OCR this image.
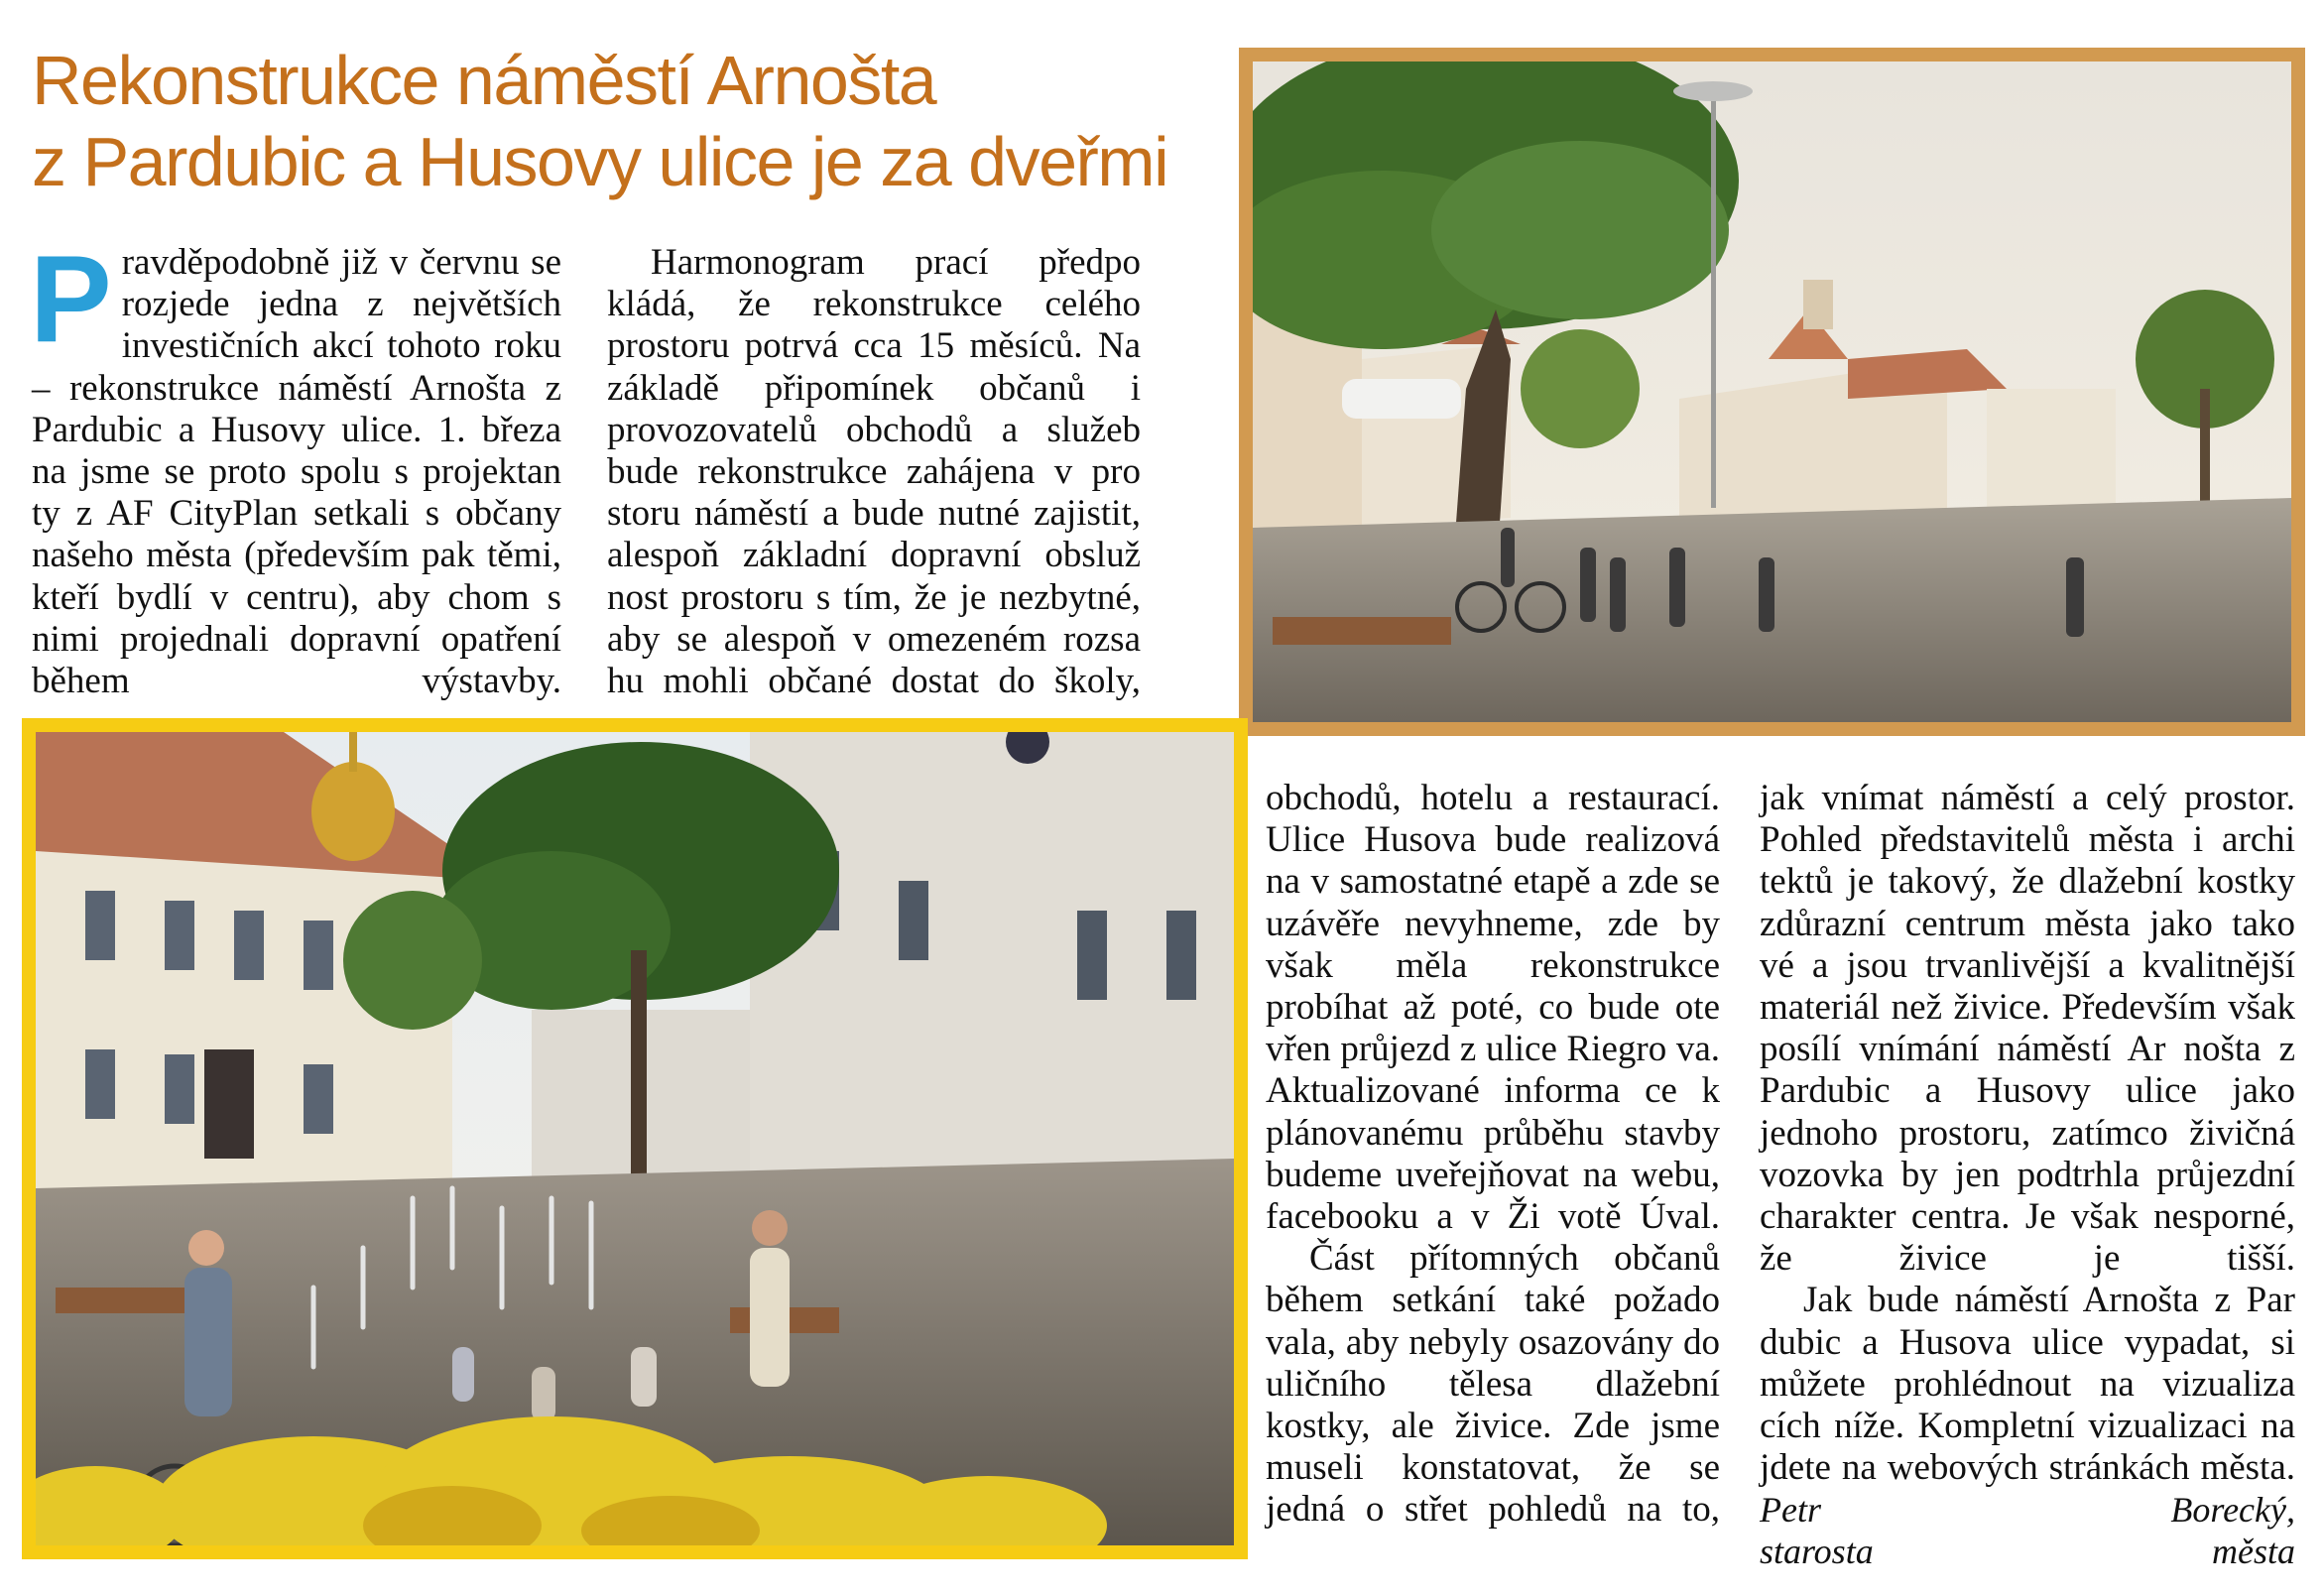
Rekonstrukce náměstí Arnošta
z Pardubic a Husovy ulice je za dveřmi
P ravděpodobně již v červnu se rozjede jedna z největších investičních akcí tohoto roku – rekonstrukce náměstí Arnošta z Pardubic a Husovy ulice. 1. březa na jsme se proto spolu s projektan ty z AF CityPlan setkali s občany našeho města (především pak těmi, kteří bydlí v centru), aby chom s nimi projednali dopravní opatření během výstavby.

Harmonogram prací předpo kládá, že rekonstrukce celého prostoru potrvá cca 15 měsíců. Na základě připomínek občanů i provozovatelů obchodů a služeb bude rekonstrukce zahájena v pro storu náměstí a bude nutné zajistit, alespoň základní dopravní obsluž nost prostoru s tím, že je nezbytné, aby se alespoň v omezeném rozsa hu mohli občané dostat do školy,

obchodů, hotelu a restaurací. Ulice Husova bude realizová na v samostatné etapě a zde se uzávěře nevyhneme, zde by však měla rekonstrukce probíhat až poté, co bude ote vřen průjezd z ulice Riegro va. Aktualizované informa ce k plánovanému průběhu stavby budeme uveřejňovat na webu, facebooku a v Ži votě Úval.

Část přítomných občanů během setkání také požado vala, aby nebyly osazovány do uličního tělesa dlažební kostky, ale živice. Zde jsme museli konstatovat, že se jedná o střet pohledů na to,

jak vnímat náměstí a celý prostor. Pohled představitelů města i archi tektů je takový, že dlažební kostky zdůrazní centrum města jako tako vé a jsou trvanlivější a kvalitnější materiál než živice. Především však posílí vnímání náměstí Ar nošta z Pardubic a Husovy ulice jako jednoho prostoru, zatímco živičná vozovka by jen podtrhla průjezdní charakter centra. Je však nesporné, že živice je tišší.

Jak bude náměstí Arnošta z Par dubic a Husova ulice vypadat, si můžete prohlédnout na vizualiza cích níže. Kompletní vizualizaci na jdete na webových stránkách města.

Petr Borecký,
starosta města
